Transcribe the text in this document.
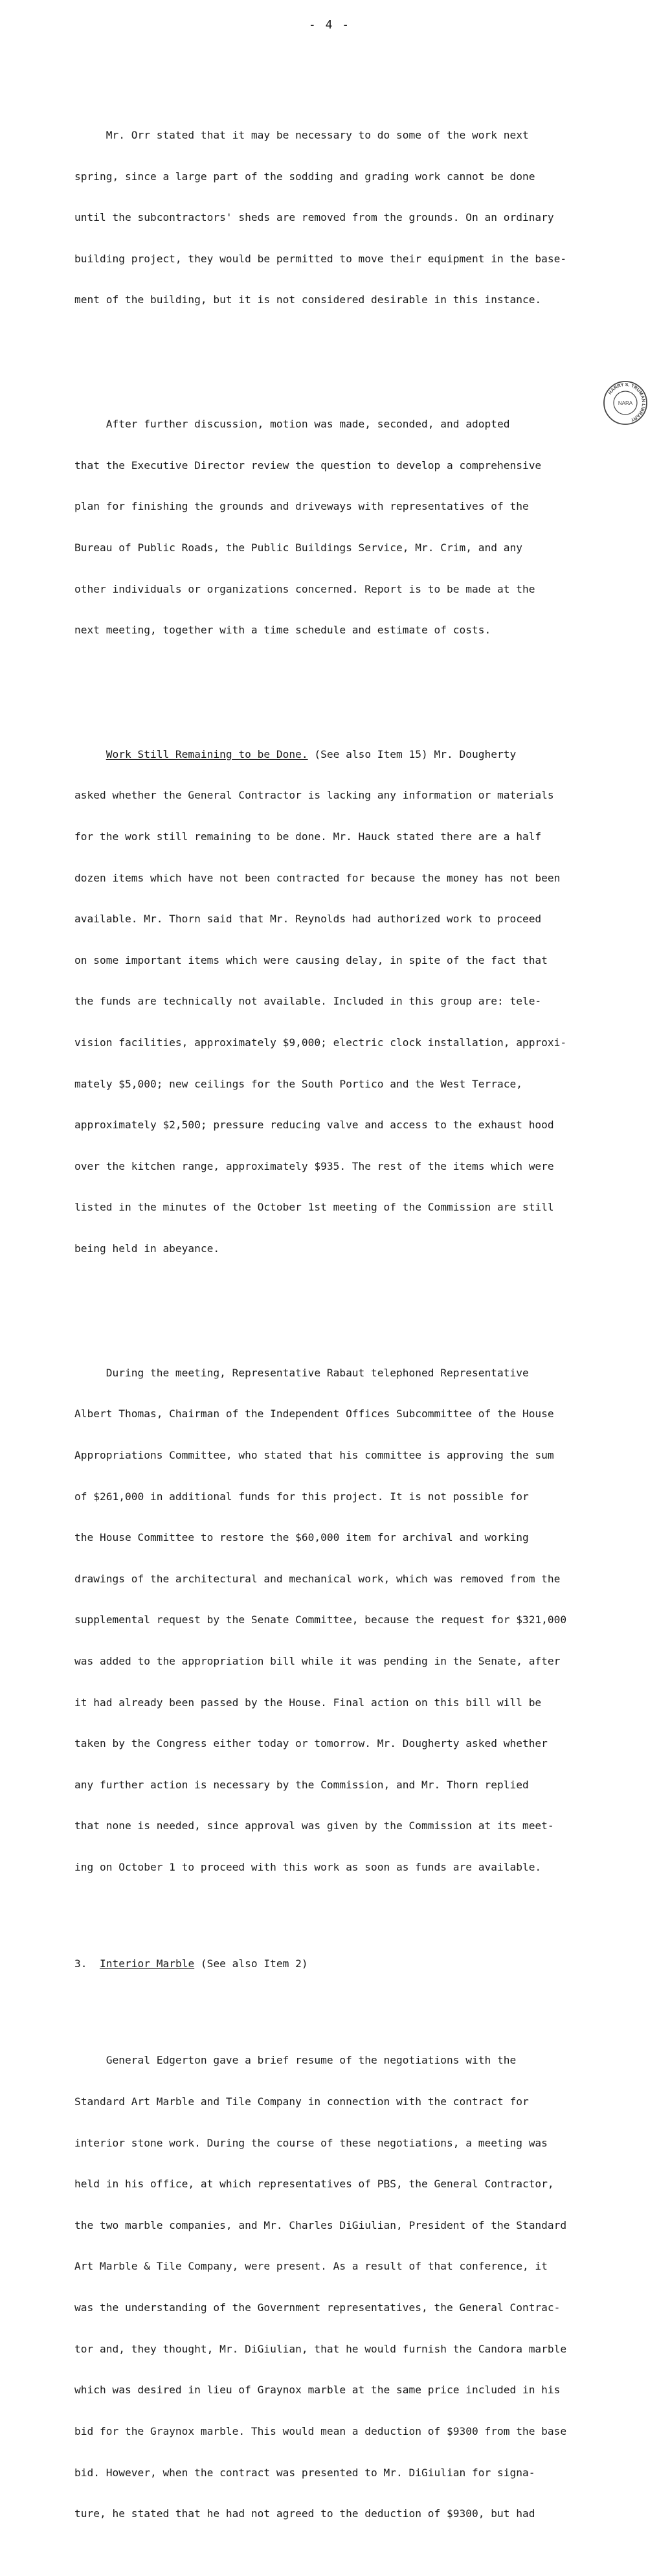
- 4 -

Mr. Orr stated that it may be necessary to do some of the work next

spring, since a large part of the sodding and grading work cannot be done

until the subcontractors' sheds are removed from the grounds. On an ordinary

building project, they would be permitted to move their equipment in the base-

ment of the building, but it is not considered desirable in this instance.

After further discussion, motion was made, seconded, and adopted

that the Executive Director review the question to develop a comprehensive

plan for finishing the grounds and driveways with representatives of the

Bureau of Public Roads, the Public Buildings Service, Mr. Crim, and any

other individuals or organizations concerned. Report is to be made at the

next meeting, together with a time schedule and estimate of costs.

Work Still Remaining to be Done. (See also Item 15) Mr. Dougherty

asked whether the General Contractor is lacking any information or materials

for the work still remaining to be done. Mr. Hauck stated there are a half

dozen items which have not been contracted for because the money has not been

available. Mr. Thorn said that Mr. Reynolds had authorized work to proceed

on some important items which were causing delay, in spite of the fact that

the funds are technically not available. Included in this group are: tele-

vision facilities, approximately $9,000; electric clock installation, approxi-

mately $5,000; new ceilings for the South Portico and the West Terrace,

approximately $2,500; pressure reducing valve and access to the exhaust hood

over the kitchen range, approximately $935. The rest of the items which were

listed in the minutes of the October 1st meeting of the Commission are still

being held in abeyance.

During the meeting, Representative Rabaut telephoned Representative

Albert Thomas, Chairman of the Independent Offices Subcommittee of the House

Appropriations Committee, who stated that his committee is approving the sum

of $261,000 in additional funds for this project. It is not possible for

the House Committee to restore the $60,000 item for archival and working

drawings of the architectural and mechanical work, which was removed from the

supplemental request by the Senate Committee, because the request for $321,000

was added to the appropriation bill while it was pending in the Senate, after

it had already been passed by the House. Final action on this bill will be

taken by the Congress either today or tomorrow. Mr. Dougherty asked whether

any further action is necessary by the Commission, and Mr. Thorn replied

that none is needed, since approval was given by the Commission at its meet-

ing on October 1 to proceed with this work as soon as funds are available.

3. Interior Marble (See also Item 2)

General Edgerton gave a brief resume of the negotiations with the

Standard Art Marble and Tile Company in connection with the contract for

interior stone work. During the course of these negotiations, a meeting was

held in his office, at which representatives of PBS, the General Contractor,

the two marble companies, and Mr. Charles DiGiulian, President of the Standard

Art Marble & Tile Company, were present. As a result of that conference, it

was the understanding of the Government representatives, the General Contrac-

tor and, they thought, Mr. DiGiulian, that he would furnish the Candora marble

which was desired in lieu of Graynox marble at the same price included in his

bid for the Graynox marble. This would mean a deduction of $9300 from the base

bid. However, when the contract was presented to Mr. DiGiulian for signa-

ture, he stated that he had not agreed to the deduction of $9300, but had

HARRY S. TRUMAN LIBRARY
NARA
